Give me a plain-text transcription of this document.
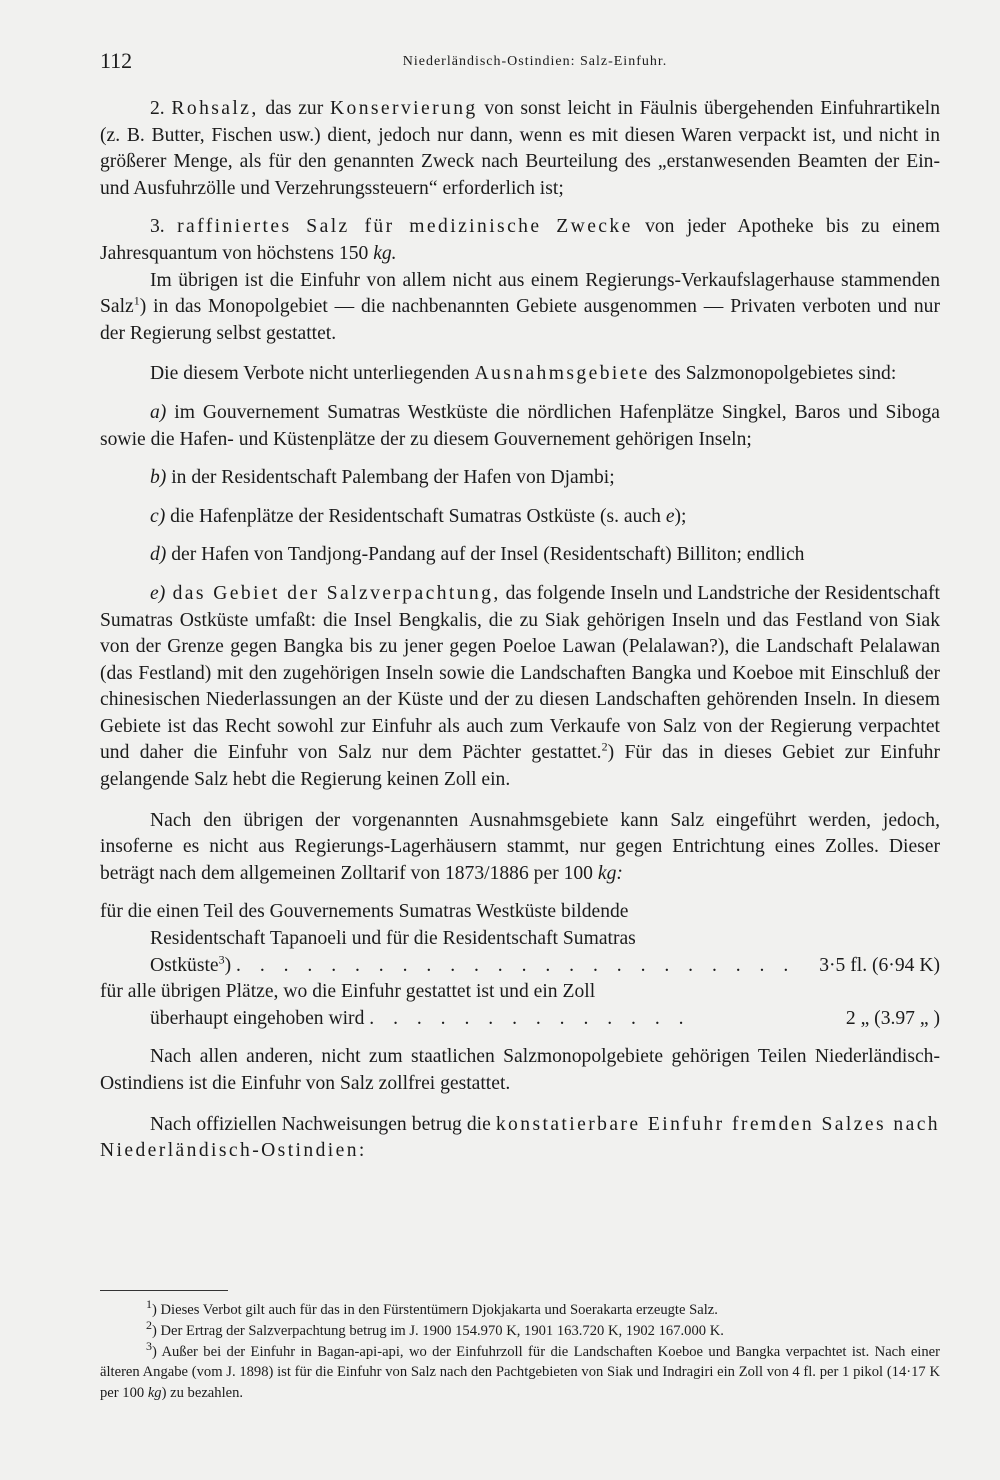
112	Niederländisch-Ostindien: Salz-Einfuhr.

2. Rohsalz, das zur Konservierung von sonst leicht in Fäulnis übergehenden Einfuhrartikeln (z. B. Butter, Fischen usw.) dient, jedoch nur dann, wenn es mit diesen Waren verpackt ist, und nicht in größerer Menge, als für den genannten Zweck nach Beurteilung des „erstanwesenden Beamten der Ein- und Ausfuhrzölle und Verzehrungssteuern“ erforderlich ist;

3. raffiniertes Salz für medizinische Zwecke von jeder Apotheke bis zu einem Jahresquantum von höchstens 150 kg.

Im übrigen ist die Einfuhr von allem nicht aus einem Regierungs-Verkaufslagerhause stammenden Salz$^1$) in das Monopolgebiet — die nachbenannten Gebiete ausgenommen — Privaten verboten und nur der Regierung selbst gestattet.

Die diesem Verbote nicht unterliegenden Ausnahmsgebiete des Salzmonopolgebietes sind:

a) im Gouvernement Sumatras Westküste die nördlichen Hafenplätze Singkel, Baros und Siboga sowie die Hafen- und Küstenplätze der zu diesem Gouvernement gehörigen Inseln;

b) in der Residentschaft Palembang der Hafen von Djambi;

c) die Hafenplätze der Residentschaft Sumatras Ostküste (s. auch e);

d) der Hafen von Tandjong-Pandang auf der Insel (Residentschaft) Billiton; endlich

e) das Gebiet der Salzverpachtung, das folgende Inseln und Landstriche der Residentschaft Sumatras Ostküste umfaßt: die Insel Bengkalis, die zu Siak gehörigen Inseln und das Festland von Siak von der Grenze gegen Bangka bis zu jener gegen Poeloe Lawan (Pelalawan?), die Landschaft Pelalawan (das Festland) mit den zugehörigen Inseln sowie die Landschaften Bangka und Koeboe mit Einschluß der chinesischen Niederlassungen an der Küste und der zu diesen Landschaften gehörenden Inseln. In diesem Gebiete ist das Recht sowohl zur Einfuhr als auch zum Verkaufe von Salz von der Regierung verpachtet und daher die Einfuhr von Salz nur dem Pächter gestattet.$^2$) Für das in dieses Gebiet zur Einfuhr gelangende Salz hebt die Regierung keinen Zoll ein.

Nach den übrigen der vorgenannten Ausnahmsgebiete kann Salz eingeführt werden, jedoch, insoferne es nicht aus Regierungs-Lagerhäusern stammt, nur gegen Entrichtung eines Zolles. Dieser beträgt nach dem allgemeinen Zolltarif von 1873/1886 per 100 kg:

für die einen Teil des Gouvernements Sumatras Westküste bildende
Residentschaft Tapanoeli und für die Residentschaft Sumatras
Ostküste$^3$) . . . . . . . . . . . . . . . . . . . . . . . . 3·5 fl. (6·94 K)
für alle übrigen Plätze, wo die Einfuhr gestattet ist und ein Zoll
überhaupt eingehoben wird . . . . . . . . . . . . . .	2 „ (3.97 „ )

Nach allen anderen, nicht zum staatlichen Salzmonopolgebiete gehörigen Teilen Niederländisch-Ostindiens ist die Einfuhr von Salz zollfrei gestattet.

Nach offiziellen Nachweisungen betrug die konstatierbare Einfuhr fremden Salzes nach Niederländisch-Ostindien:

$^1$) Dieses Verbot gilt auch für das in den Fürstentümern Djokjakarta und Soerakarta erzeugte Salz.

$^2$) Der Ertrag der Salzverpachtung betrug im J. 1900 154.970 K, 1901 163.720 K, 1902 167.000 K.

$^3$) Außer bei der Einfuhr in Bagan-api-api, wo der Einfuhrzoll für die Landschaften Koeboe und Bangka verpachtet ist. Nach einer älteren Angabe (vom J. 1898) ist für die Einfuhr von Salz nach den Pachtgebieten von Siak und Indragiri ein Zoll von 4 fl. per 1 pikol (14·17 K per 100 kg) zu bezahlen.
